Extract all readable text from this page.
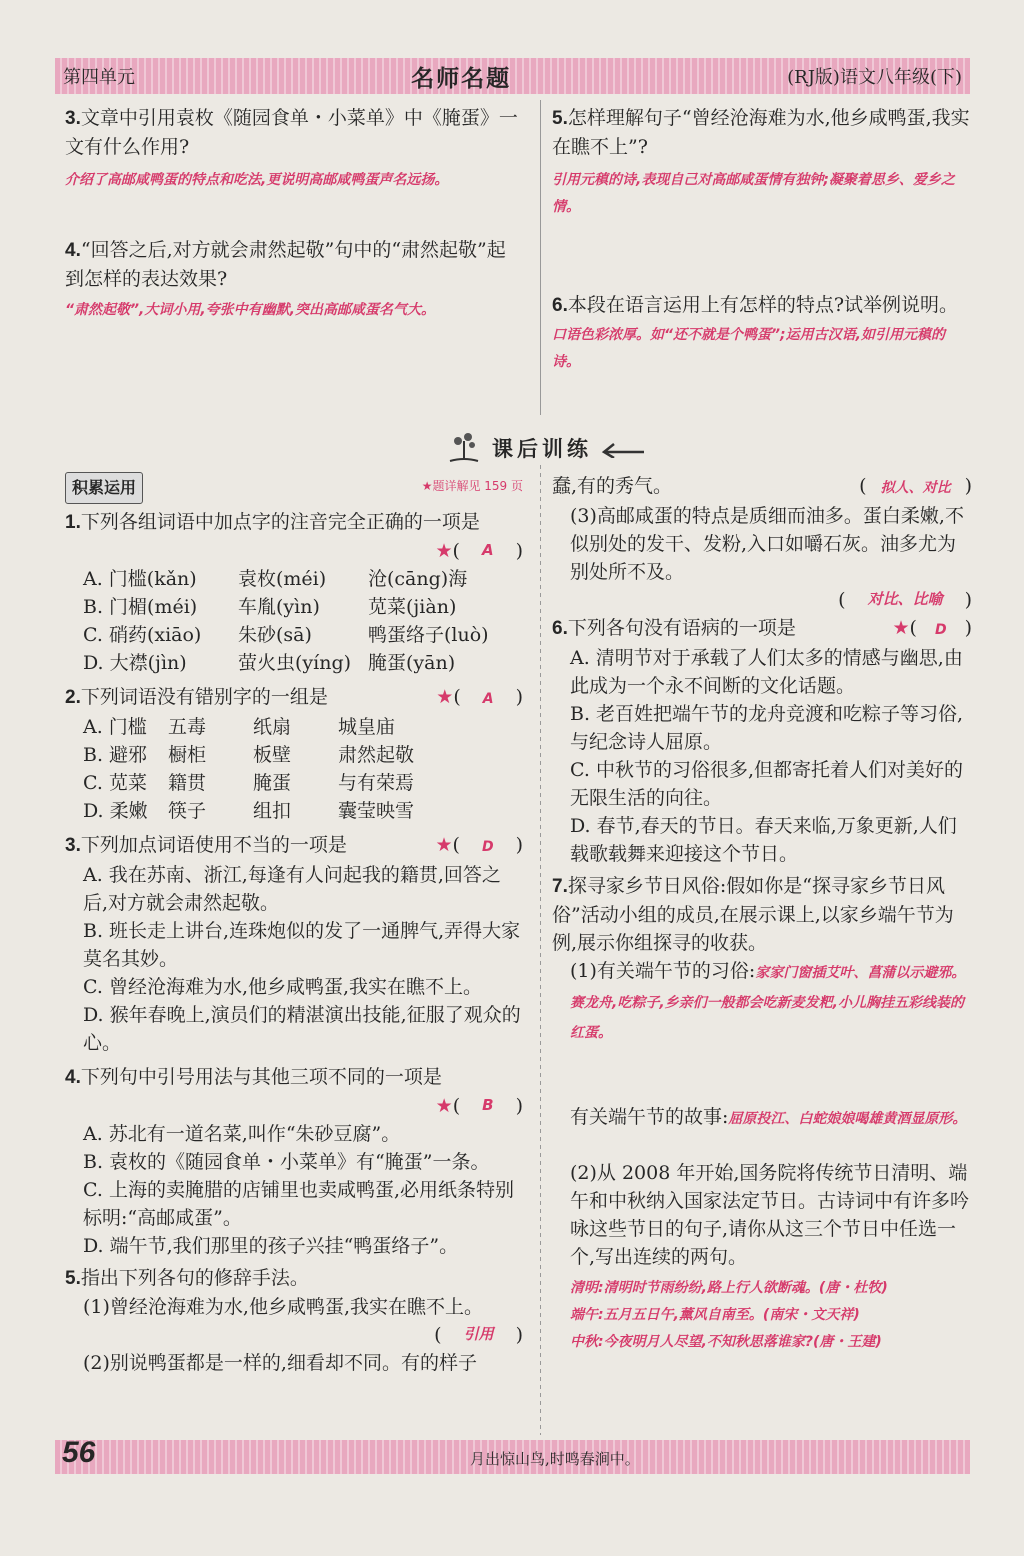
第四单元	名师名题	(RJ版)语文八年级(下)

3.文章中引用袁枚《随园食单・小菜单》中《腌蛋》一文有什么作用?

介绍了高邮咸鸭蛋的特点和吃法,更说明高邮咸鸭蛋声名远扬。

4.“回答之后,对方就会肃然起敬”句中的“肃然起敬”起到怎样的表达效果?

“肃然起敬”,大词小用,夸张中有幽默,突出高邮咸蛋名气大。

5.怎样理解句子“曾经沧海难为水,他乡咸鸭蛋,我实在瞧不上”?

引用元稹的诗,表现自己对高邮咸蛋情有独钟;凝聚着思乡、爱乡之情。

6.本段在语言运用上有怎样的特点?试举例说明。

口语色彩浓厚。如“还不就是个鸭蛋”;运用古汉语,如引用元稹的诗。

课后训练

积累运用	★题详解见 159 页

1.下列各组词语中加点字的注音完全正确的一项是

★ (	A	)

A. 门槛(kǎn)	袁枚(méi)	沧(cāng)海
B. 门楣(méi)	车胤(yìn)	苋菜(jiàn)
C. 硝药(xiāo)	朱砂(sā)	鸭蛋络子(luò)
D. 大襟(jìn)	萤火虫(yíng) 腌蛋(yān)

2.下列词语没有错别字的一组是	★( A )

A. 门槛	五毒	纸扇	城皇庙
B. 避邪	橱柜	板壁	肃然起敬
C. 苋菜	籍贯	腌蛋	与有荣焉
D. 柔嫩	筷子	组扣	囊莹映雪

3.下列加点词语使用不当的一项是	★( D )

A. 我在苏南、浙江,每逢有人问起我的籍贯,回答之后,对方就会肃然起敬。

B. 班长走上讲台,连珠炮似的发了一通脾气,弄得大家莫名其妙。

C. 曾经沧海难为水,他乡咸鸭蛋,我实在瞧不上。

D. 猴年春晚上,演员们的精湛演出技能,征服了观众的心。

4.下列句中引号用法与其他三项不同的一项是

★ (	B	)

A. 苏北有一道名菜,叫作“朱砂豆腐”。

B. 袁枚的《随园食单・小菜单》有“腌蛋”一条。

C. 上海的卖腌腊的店铺里也卖咸鸭蛋,必用纸条特别标明:“高邮咸蛋”。

D. 端午节,我们那里的孩子兴挂“鸭蛋络子”。

5.指出下列各句的修辞手法。

(1)曾经沧海难为水,他乡咸鸭蛋,我实在瞧不上。

(	引用	)

(2)别说鸭蛋都是一样的,细看却不同。有的样子

蠢,有的秀气。	( 拟人、对比 )

(3)高邮咸蛋的特点是质细而油多。蛋白柔嫩,不似别处的发干、发粉,入口如嚼石灰。油多尤为别处所不及。

(	对比、比喻	)

6.下列各句没有语病的一项是	★( D )

A. 清明节对于承载了人们太多的情感与幽思,由此成为一个永不间断的文化话题。

B. 老百姓把端午节的龙舟竞渡和吃粽子等习俗,与纪念诗人屈原。

C. 中秋节的习俗很多,但都寄托着人们对美好的无限生活的向往。

D. 春节,春天的节日。春天来临,万象更新,人们载歌载舞来迎接这个节日。

7.探寻家乡节日风俗:假如你是“探寻家乡节日风俗”活动小组的成员,在展示课上,以家乡端午节为例,展示你组探寻的收获。

(1)有关端午节的习俗:家家门窗插艾叶、菖蒲以示避邪。赛龙舟,吃粽子,乡亲们一般都会吃新麦发粑,小儿胸挂五彩线装的红蛋。

有关端午节的故事:屈原投江、白蛇娘娘喝雄黄酒显原形。

(2)从 2008 年开始,国务院将传统节日清明、端午和中秋纳入国家法定节日。古诗词中有许多吟咏这些节日的句子,请你从这三个节日中任选一个,写出连续的两句。

清明:清明时节雨纷纷,路上行人欲断魂。(唐・杜牧)

端午:五月五日午,薰风自南至。(南宋・文天祥)

中秋:今夜明月人尽望,不知秋思落谁家?(唐・王建)

56	月出惊山鸟,时鸣春涧中。
